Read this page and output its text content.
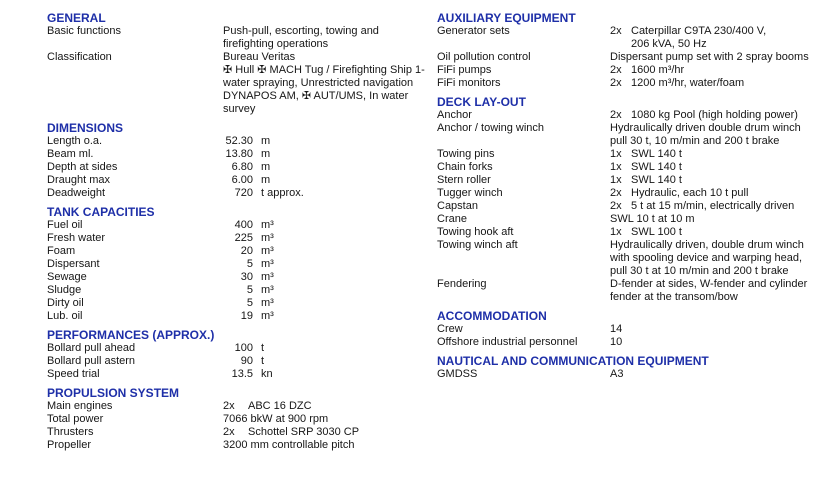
GENERAL
Basic functions	Push-pull, escorting, towing and
firefighting operations
Classification	Bureau Veritas
✠ Hull ✠ MACH Tug / Firefighting Ship 1-
water spraying, Unrestricted navigation
DYNAPOS AM, ✠ AUT/UMS, In water
survey
DIMENSIONS
Length o.a.	52.30 m
Beam ml.	13.80 m
Depth at sides	6.80 m
Draught max	6.00 m
Deadweight	720 t approx.
TANK CAPACITIES
Fuel oil	400 m³
Fresh water	225 m³
Foam	20 m³
Dispersant	5 m³
Sewage	30 m³
Sludge	5 m³
Dirty oil	5 m³
Lub. oil	19 m³
PERFORMANCES (APPROX.)
Bollard pull ahead	100 t
Bollard pull astern	90 t
Speed trial	13.5 kn
PROPULSION SYSTEM
Main engines	2x	ABC 16 DZC
Total power	7066 bkW at 900 rpm
Thrusters	2x	Schottel SRP 3030 CP
Propeller	3200 mm controllable pitch
AUXILIARY EQUIPMENT
Generator sets	2x Caterpillar C9TA 230/400 V,
206 kVA, 50 Hz
Oil pollution control	Dispersant pump set with 2 spray booms
FiFi pumps	2x 1600 m³/hr
FiFi monitors	2x 1200 m³/hr, water/foam
DECK LAY-OUT
Anchor	2x 1080 kg Pool (high holding power)
Anchor / towing winch	Hydraulically driven double drum winch
pull 30 t, 10 m/min and 200 t brake
Towing pins	1x SWL 140 t
Chain forks	1x SWL 140 t
Stern roller	1x SWL 140 t
Tugger winch	2x Hydraulic, each 10 t pull
Capstan	2x 5 t at 15 m/min, electrically driven
Crane	SWL 10 t at 10 m
Towing hook aft	1x SWL 100 t
Towing winch aft	Hydraulically driven, double drum winch
with spooling device and warping head,
pull 30 t at 10 m/min and 200 t brake
Fendering	D-fender at sides, W-fender and cylinder
fender at the transom/bow
ACCOMMODATION
Crew	14
Offshore industrial personnel	10
NAUTICAL AND COMMUNICATION EQUIPMENT
GMDSS	A3
